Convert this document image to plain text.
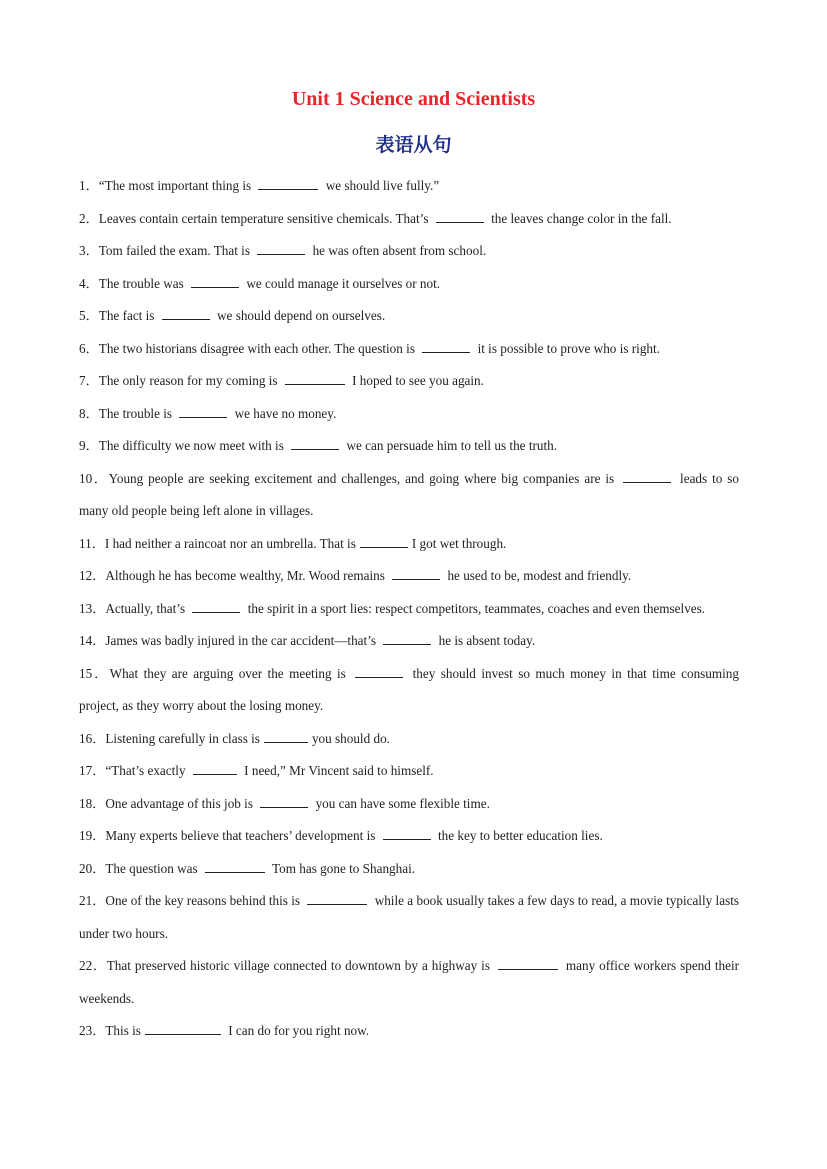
Unit 1 Science and Scientists
表语从句
1．“The most important thing is	we should live fully.”
2．Leaves contain certain temperature sensitive chemicals. That’s	the leaves change color in the fall.
3．Tom failed the exam. That is	he was often absent from school.
4．The trouble was	we could manage it ourselves or not.
5．The fact is	we should depend on ourselves.
6．The two historians disagree with each other. The question is	it is possible to prove who is right.
7．The only reason for my coming is	I hoped to see you again.
8．The trouble is	we have no money.
9．The difficulty we now meet with is	we can persuade him to tell us the truth.
10．Young people are seeking excitement and challenges, and going where big companies are is	leads to so many old people being left alone in villages.
11．I had neither a raincoat nor an umbrella. That is	I got wet through.
12．Although he has become wealthy, Mr. Wood remains	he used to be, modest and friendly.
13．Actually, that’s	the spirit in a sport lies: respect competitors, teammates, coaches and even themselves.
14．James was badly injured in the car accident—that’s	he is absent today.
15．What they are arguing over the meeting is	they should invest so much money in that time consuming project, as they worry about the losing money.
16．Listening carefully in class is	you should do.
17．“That’s exactly	I need,” Mr Vincent said to himself.
18．One advantage of this job is	you can have some flexible time.
19．Many experts believe that teachers’ development is	the key to better education lies.
20．The question was	Tom has gone to Shanghai.
21．One of the key reasons behind this is	while a book usually takes a few days to read, a movie typically lasts under two hours.
22．That preserved historic village connected to downtown by a highway is	many office workers spend their weekends.
23．This is	I can do for you right now.
